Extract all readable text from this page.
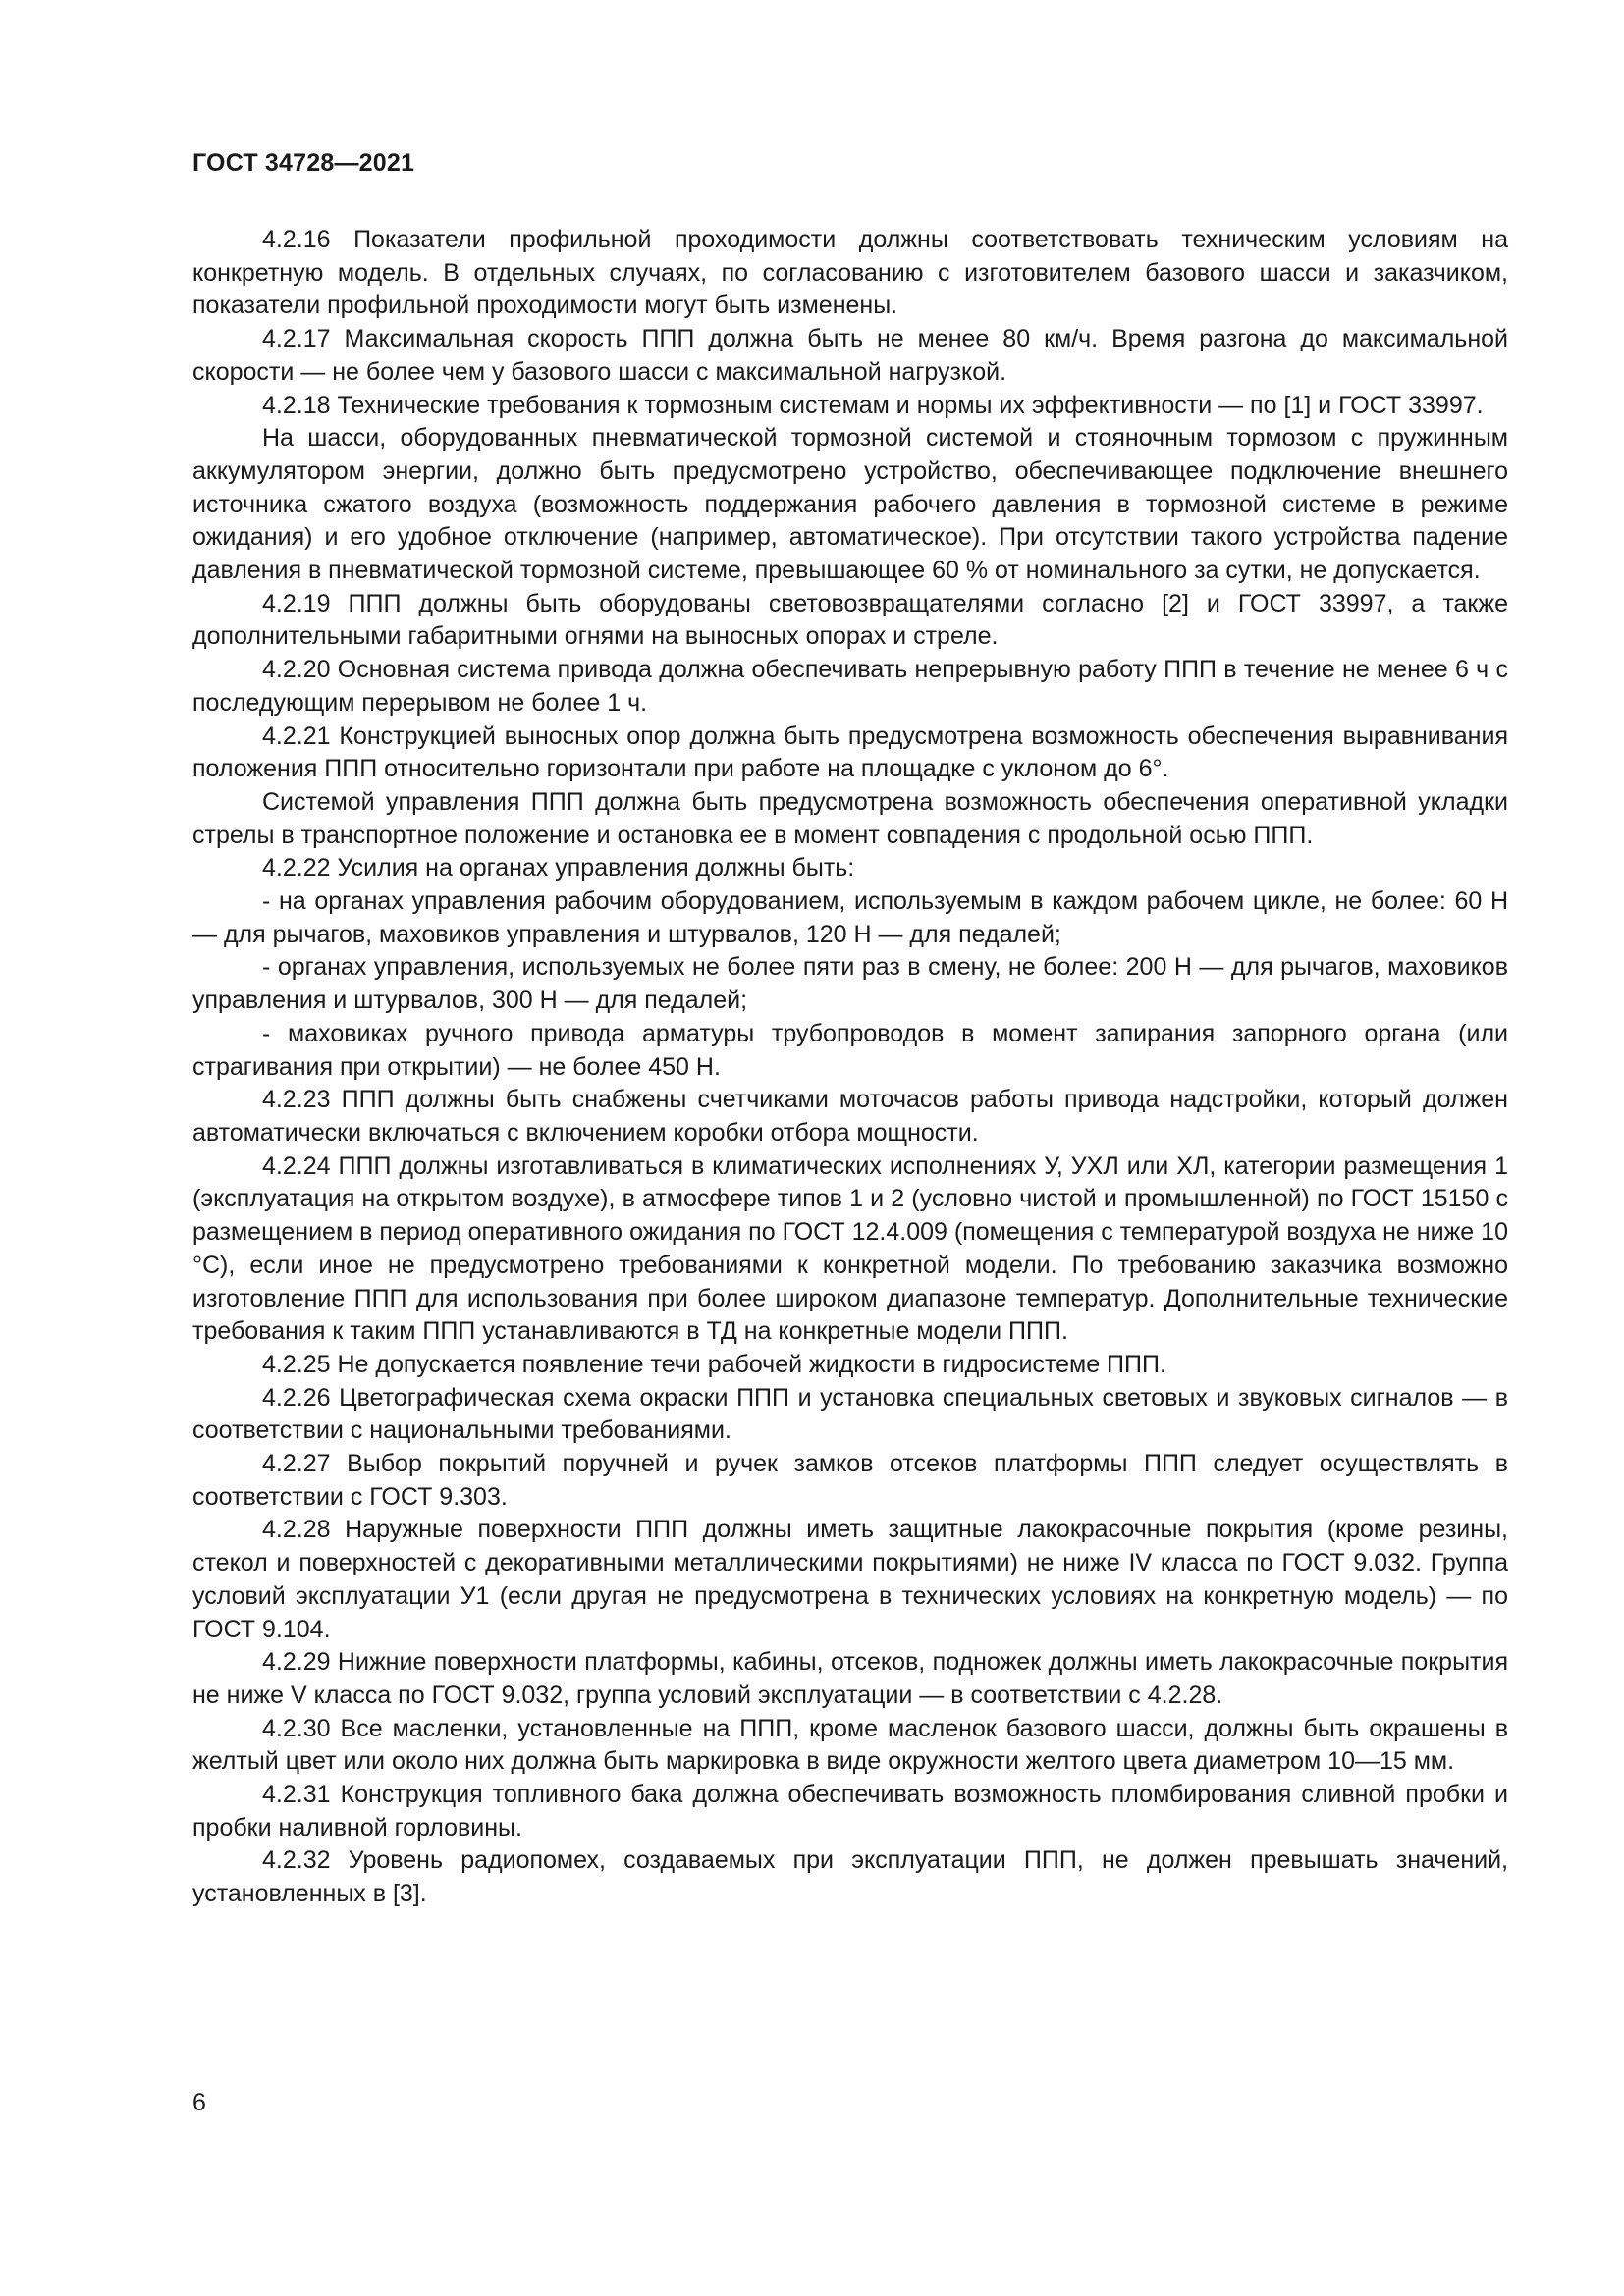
ГОСТ 34728—2021

4.2.16 Показатели профильной проходимости должны соответствовать техническим условиям на конкретную модель. В отдельных случаях, по согласованию с изготовителем базового шасси и заказчиком, показатели профильной проходимости могут быть изменены.

4.2.17 Максимальная скорость ППП должна быть не менее 80 км/ч. Время разгона до максимальной скорости — не более чем у базового шасси с максимальной нагрузкой.

4.2.18 Технические требования к тормозным системам и нормы их эффективности — по [1] и ГОСТ 33997.

На шасси, оборудованных пневматической тормозной системой и стояночным тормозом с пружинным аккумулятором энергии, должно быть предусмотрено устройство, обеспечивающее подключение внешнего источника сжатого воздуха (возможность поддержания рабочего давления в тормозной системе в режиме ожидания) и его удобное отключение (например, автоматическое). При отсутствии такого устройства падение давления в пневматической тормозной системе, превышающее 60 % от номинального за сутки, не допускается.

4.2.19 ППП должны быть оборудованы световозвращателями согласно [2] и ГОСТ 33997, а также дополнительными габаритными огнями на выносных опорах и стреле.

4.2.20 Основная система привода должна обеспечивать непрерывную работу ППП в течение не менее 6 ч с последующим перерывом не более 1 ч.

4.2.21 Конструкцией выносных опор должна быть предусмотрена возможность обеспечения выравнивания положения ППП относительно горизонтали при работе на площадке с уклоном до 6°.

Системой управления ППП должна быть предусмотрена возможность обеспечения оперативной укладки стрелы в транспортное положение и остановка ее в момент совпадения с продольной осью ППП.

4.2.22 Усилия на органах управления должны быть:

- на органах управления рабочим оборудованием, используемым в каждом рабочем цикле, не более: 60 Н — для рычагов, маховиков управления и штурвалов, 120 Н — для педалей;

- органах управления, используемых не более пяти раз в смену, не более: 200 Н — для рычагов, маховиков управления и штурвалов, 300 Н — для педалей;

- маховиках ручного привода арматуры трубопроводов в момент запирания запорного органа (или страгивания при открытии) — не более 450 Н.

4.2.23 ППП должны быть снабжены счетчиками моточасов работы привода надстройки, который должен автоматически включаться с включением коробки отбора мощности.

4.2.24 ППП должны изготавливаться в климатических исполнениях У, УХЛ или ХЛ, категории размещения 1 (эксплуатация на открытом воздухе), в атмосфере типов 1 и 2 (условно чистой и промышленной) по ГОСТ 15150 с размещением в период оперативного ожидания по ГОСТ 12.4.009 (помещения с температурой воздуха не ниже 10 °С), если иное не предусмотрено требованиями к конкретной модели. По требованию заказчика возможно изготовление ППП для использования при более широком диапазоне температур. Дополнительные технические требования к таким ППП устанавливаются в ТД на конкретные модели ППП.

4.2.25 Не допускается появление течи рабочей жидкости в гидросистеме ППП.

4.2.26 Цветографическая схема окраски ППП и установка специальных световых и звуковых сигналов — в соответствии с национальными требованиями.

4.2.27 Выбор покрытий поручней и ручек замков отсеков платформы ППП следует осуществлять в соответствии с ГОСТ 9.303.

4.2.28 Наружные поверхности ППП должны иметь защитные лакокрасочные покрытия (кроме резины, стекол и поверхностей с декоративными металлическими покрытиями) не ниже IV класса по ГОСТ 9.032. Группа условий эксплуатации У1 (если другая не предусмотрена в технических условиях на конкретную модель) — по ГОСТ 9.104.

4.2.29 Нижние поверхности платформы, кабины, отсеков, подножек должны иметь лакокрасочные покрытия не ниже V класса по ГОСТ 9.032, группа условий эксплуатации — в соответствии с 4.2.28.

4.2.30 Все масленки, установленные на ППП, кроме масленок базового шасси, должны быть окрашены в желтый цвет или около них должна быть маркировка в виде окружности желтого цвета диаметром 10—15 мм.

4.2.31 Конструкция топливного бака должна обеспечивать возможность пломбирования сливной пробки и пробки наливной горловины.

4.2.32 Уровень радиопомех, создаваемых при эксплуатации ППП, не должен превышать значений, установленных в [3].

6
